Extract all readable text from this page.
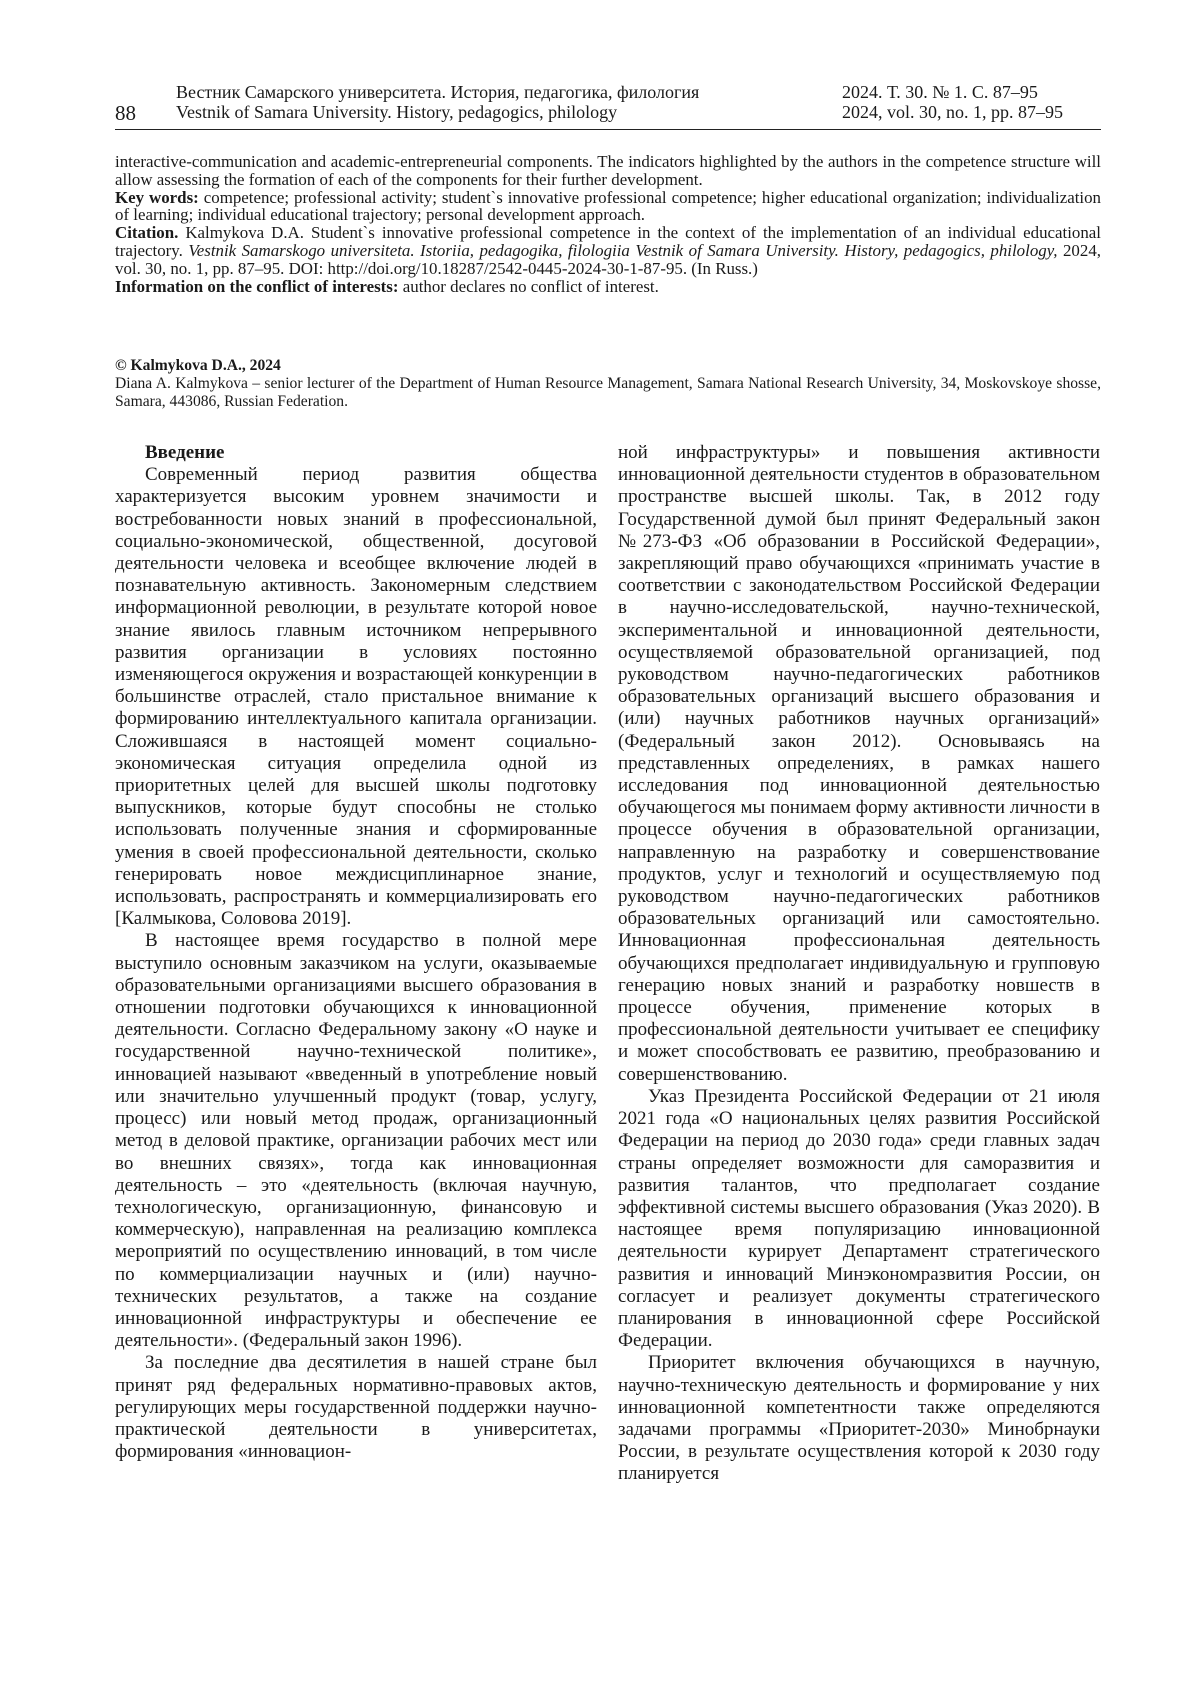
88
Вестник Самарского университета. История, педагогика, филология
Vestnik of Samara University. History, pedagogics, philology
2024. Т. 30. № 1. С. 87–95
2024, vol. 30, no. 1, pp. 87–95

interactive-communication and academic-entrepreneurial components. The indicators highlighted by the authors in the competence structure will allow assessing the formation of each of the components for their further development.

Key words: competence; professional activity; student`s innovative professional competence; higher educational organization; individualization of learning; individual educational trajectory; personal development approach.

Citation. Kalmykova D.A. Student`s innovative professional competence in the context of the implementation of an individual educational trajectory. Vestnik Samarskogo universiteta. Istoriia, pedagogika, filologiia Vestnik of Samara University. History, pedagogics, philology, 2024, vol. 30, no. 1, pp. 87–95. DOI: http://doi.org/10.18287/2542-0445-2024-30-1-87-95. (In Russ.)

Information on the conflict of interests: author declares no conflict of interest.

© Kalmykova D.A., 2024

Diana A. Kalmykova – senior lecturer of the Department of Human Resource Management, Samara National Research University, 34, Moskovskoye shosse, Samara, 443086, Russian Federation.

Введение

Современный период развития общества характеризуется высоким уровнем значимости и востребованности новых знаний в профессиональной, социально-экономической, общественной, досуговой деятельности человека и всеобщее включение людей в познавательную активность. Закономерным следствием информационной революции, в результате которой новое знание явилось главным источником непрерывного развития организации в условиях постоянно изменяющегося окружения и возрастающей конкуренции в большинстве отраслей, стало пристальное внимание к формированию интеллектуального капитала организации. Сложившаяся в настоящей момент социально-экономическая ситуация определила одной из приоритетных целей для высшей школы подготовку выпускников, которые будут способны не столько использовать полученные знания и сформированные умения в своей профессиональной деятельности, сколько генерировать новое междисциплинарное знание, использовать, распространять и коммерциализировать его [Калмыкова, Соловова 2019].

В настоящее время государство в полной мере выступило основным заказчиком на услуги, оказываемые образовательными организациями высшего образования в отношении подготовки обучающихся к инновационной деятельности. Согласно Федеральному закону «О науке и государственной научно-технической политике», инновацией называют «введенный в употребление новый или значительно улучшенный продукт (товар, услугу, процесс) или новый метод продаж, организационный метод в деловой практике, организации рабочих мест или во внешних связях», тогда как инновационная деятельность – это «деятельность (включая научную, технологическую, организационную, финансовую и коммерческую), направленная на реализацию комплекса мероприятий по осуществлению инноваций, в том числе по коммерциализации научных и (или) научно-технических результатов, а также на создание инновационной инфраструктуры и обеспечение ее деятельности». (Федеральный закон 1996).

За последние два десятилетия в нашей стране был принят ряд федеральных нормативно-правовых актов, регулирующих меры государственной поддержки научно-практической деятельности в университетах, формирования «инновацион-

ной инфраструктуры» и повышения активности инновационной деятельности студентов в образовательном пространстве высшей школы. Так, в 2012 году Государственной думой был принят Федеральный закон №273-ФЗ «Об образовании в Российской Федерации», закрепляющий право обучающихся «принимать участие в соответствии с законодательством Российской Федерации в научно-исследовательской, научно-технической, экспериментальной и инновационной деятельности, осуществляемой образовательной организацией, под руководством научно-педагогических работников образовательных организаций высшего образования и (или) научных работников научных организаций» (Федеральный закон 2012). Основываясь на представленных определениях, в рамках нашего исследования под инновационной деятельностью обучающегося мы понимаем форму активности личности в процессе обучения в образовательной организации, направленную на разработку и совершенствование продуктов, услуг и технологий и осуществляемую под руководством научно-педагогических работников образовательных организаций или самостоятельно. Инновационная профессиональная деятельность обучающихся предполагает индивидуальную и групповую генерацию новых знаний и разработку новшеств в процессе обучения, применение которых в профессиональной деятельности учитывает ее специфику и может способствовать ее развитию, преобразованию и совершенствованию.

Указ Президента Российской Федерации от 21 июля 2021 года «О национальных целях развития Российской Федерации на период до 2030 года» среди главных задач страны определяет возможности для саморазвития и развития талантов, что предполагает создание эффективной системы высшего образования (Указ 2020). В настоящее время популяризацию инновационной деятельности курирует Департамент стратегического развития и инноваций Минэкономразвития России, он согласует и реализует документы стратегического планирования в инновационной сфере Российской Федерации.

Приоритет включения обучающихся в научную, научно-техническую деятельность и формирование у них инновационной компетентности также определяются задачами программы «Приоритет-2030» Минобрнауки России, в результате осуществления которой к 2030 году планируется
